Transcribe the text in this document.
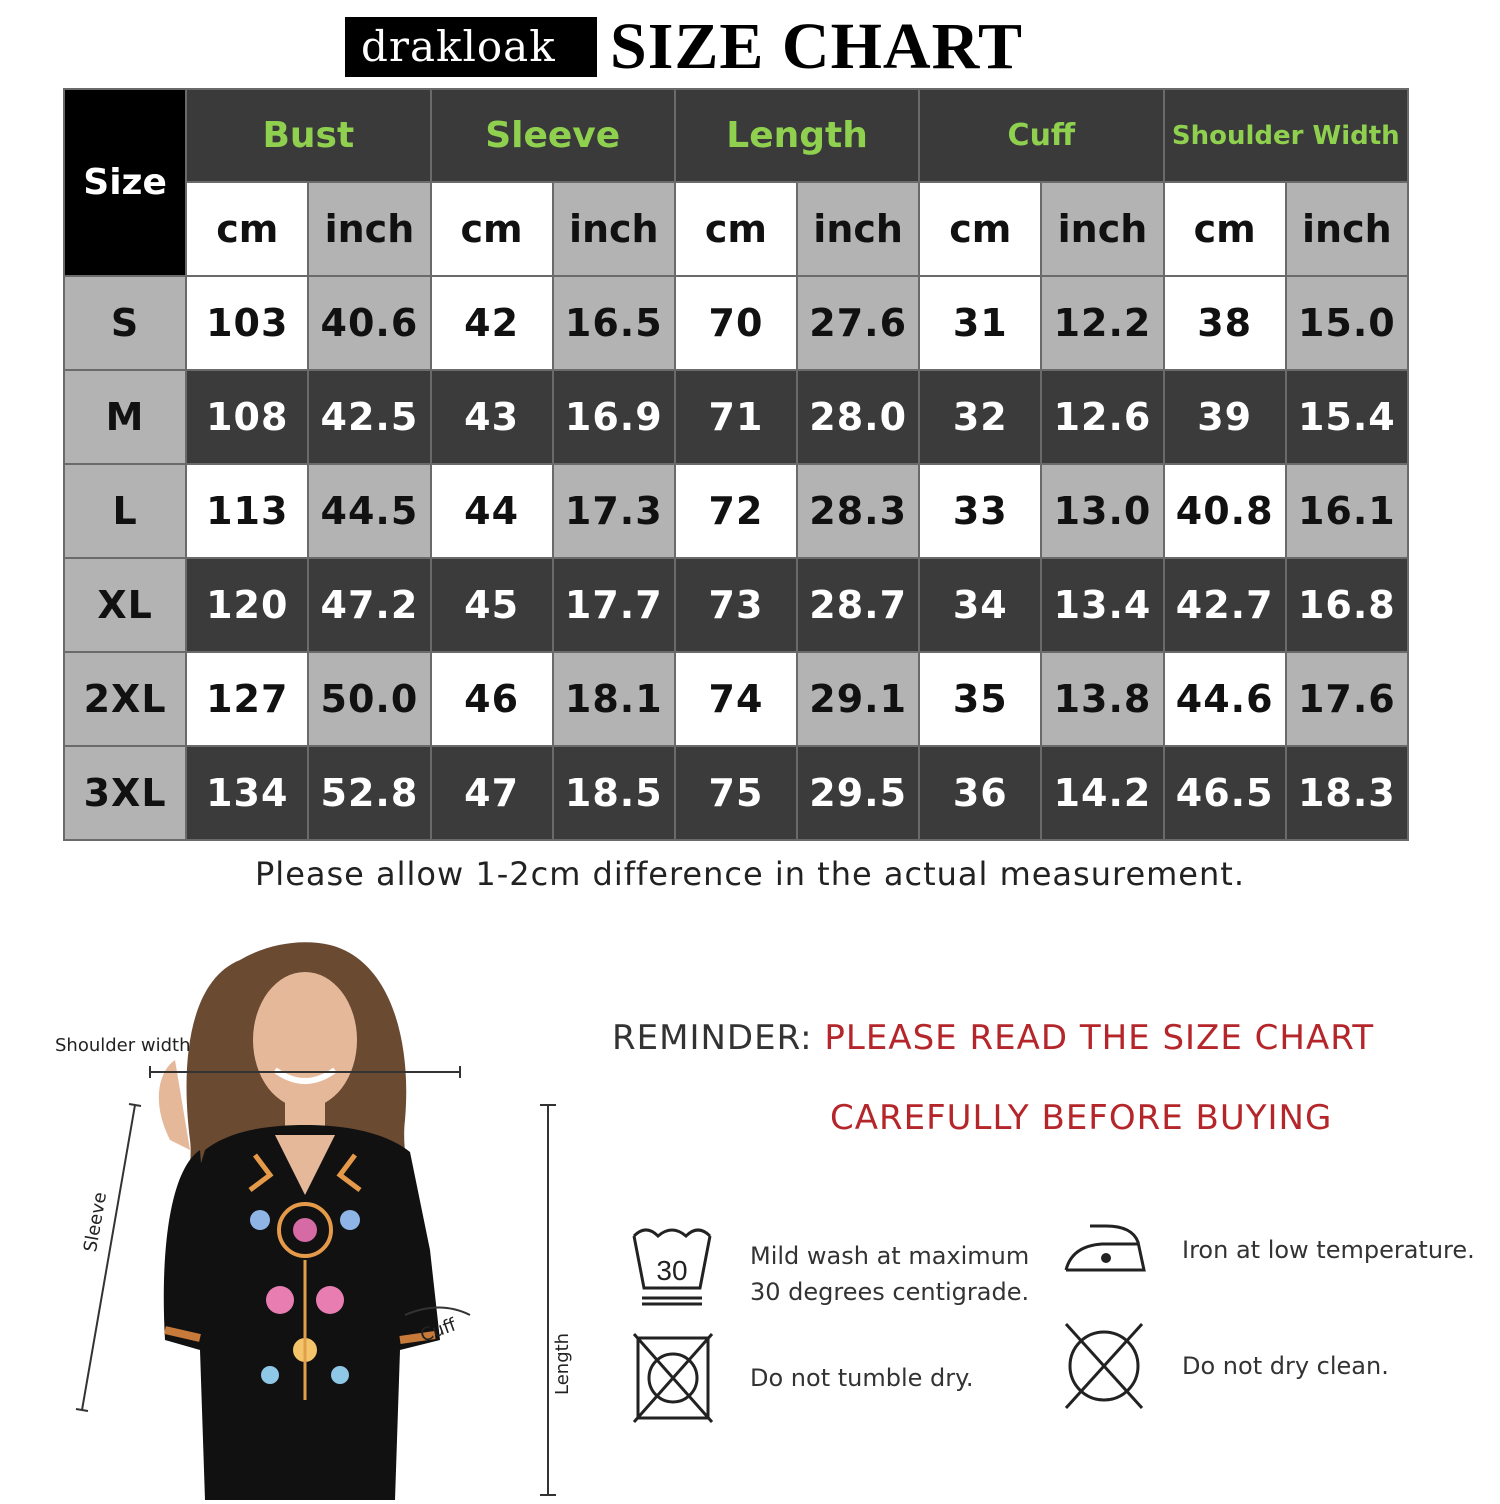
drakloak SIZE CHART
Size	Bust		Sleeve		Length		Cuff		Shoulder Width	
	cm	inch	cm	inch	cm	inch	cm	inch	cm	inch
S	103	40.6	42	16.5	70	27.6	31	12.2	38	15.0
M	108	42.5	43	16.9	71	28.0	32	12.6	39	15.4
L	113	44.5	44	17.3	72	28.3	33	13.0	40.8	16.1
XL	120	47.2	45	17.7	73	28.7	34	13.4	42.7	16.8
2XL	127	50.0	46	18.1	74	29.1	35	13.8	44.6	17.6
3XL	134	52.8	47	18.5	75	29.5	36	14.2	46.5	18.3
Please allow 1-2cm difference in the actual measurement.
Shoulder width
Sleeve
Cuff
Length
REMINDER: PLEASE READ THE SIZE CHART
CAREFULLY BEFORE BUYING
30	Mild wash at maximum
30 degrees centigrade.
Iron at low temperature.
Do not tumble dry.	Do not dry clean.
